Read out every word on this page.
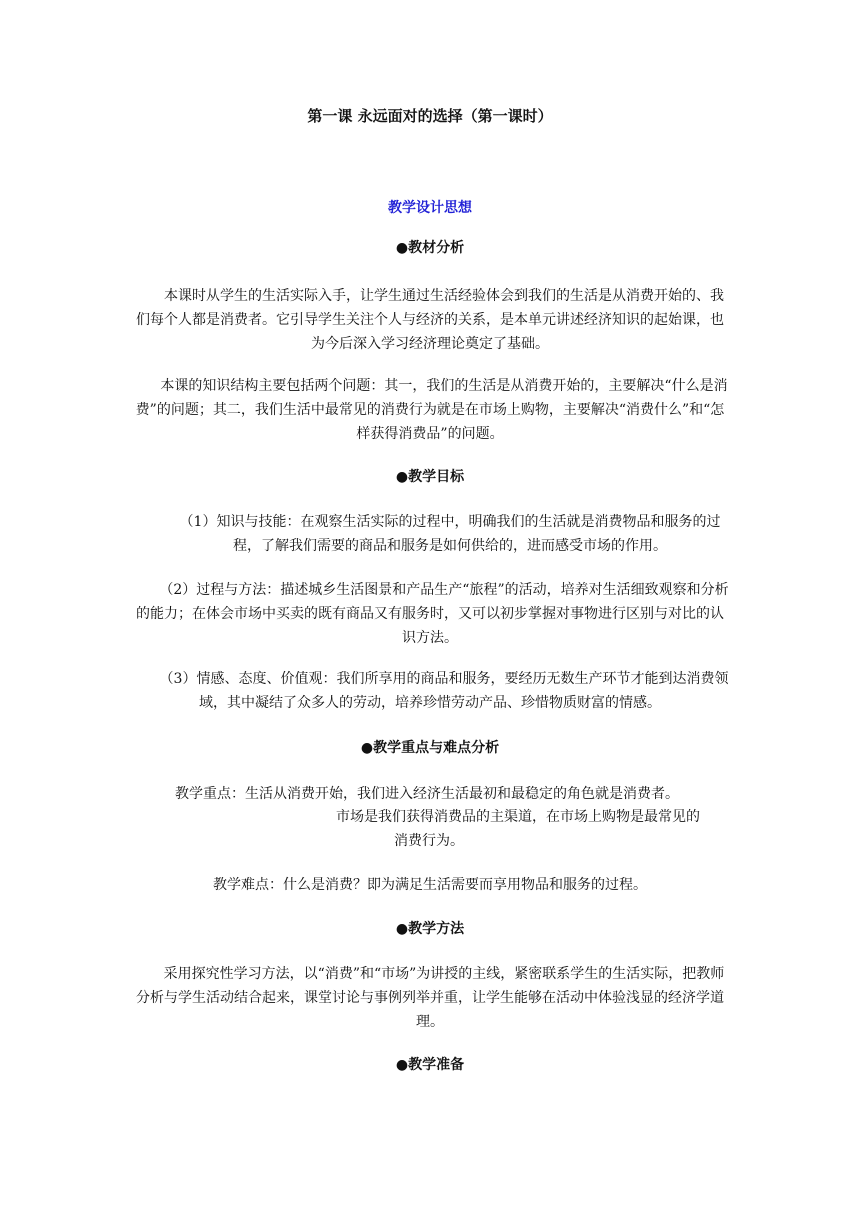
第一课 永远面对的选择（第一课时）
教学设计思想
●教材分析
本课时从学生的生活实际入手，让学生通过生活经验体会到我们的生活是从消费开始的、我们每个人都是消费者。它引导学生关注个人与经济的关系，是本单元讲述经济知识的起始课，也为今后深入学习经济理论奠定了基础。
本课的知识结构主要包括两个问题：其一，我们的生活是从消费开始的，主要解决“什么是消费”的问题；其二，我们生活中最常见的消费行为就是在市场上购物，主要解决“消费什么”和“怎样获得消费品”的问题。
●教学目标
（1）知识与技能：在观察生活实际的过程中，明确我们的生活就是消费物品和服务的过程，了解我们需要的商品和服务是如何供给的，进而感受市场的作用。
（2）过程与方法：描述城乡生活图景和产品生产“旅程”的活动，培养对生活细致观察和分析的能力；在体会市场中买卖的既有商品又有服务时，又可以初步掌握对事物进行区别与对比的认识方法。
（3）情感、态度、价值观：我们所享用的商品和服务，要经历无数生产环节才能到达消费领域，其中凝结了众多人的劳动，培养珍惜劳动产品、珍惜物质财富的情感。
●教学重点与难点分析
教学重点：生活从消费开始，我们进入经济生活最初和最稳定的角色就是消费者。
市场是我们获得消费品的主渠道，在市场上购物是最常见的
消费行为。
教学难点：什么是消费？即为满足生活需要而享用物品和服务的过程。
●教学方法
采用探究性学习方法，以“消费”和“市场”为讲授的主线，紧密联系学生的生活实际，把教师分析与学生活动结合起来，课堂讨论与事例列举并重，让学生能够在活动中体验浅显的经济学道理。
●教学准备
